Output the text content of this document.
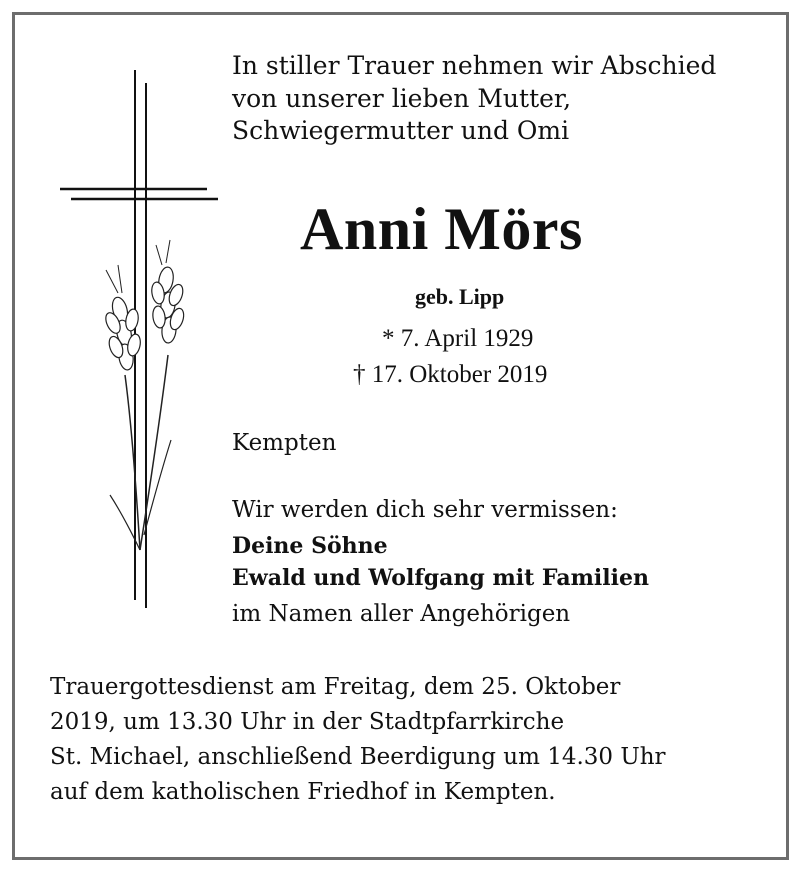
In stiller Trauer nehmen wir Abschied
von unserer lieben Mutter,
Schwiegermutter und Omi
Anni Mörs
geb. Lipp
* 7. April 1929
† 17. Oktober 2019
Kempten
Wir werden dich sehr vermissen:
Deine Söhne
Ewald und Wolfgang mit Familien
im Namen aller Angehörigen
Trauergottesdienst am Freitag, dem 25. Oktober
2019, um 13.30 Uhr in der Stadtpfarrkirche
St. Michael, anschließend Beerdigung um 14.30 Uhr
auf dem katholischen Friedhof in Kempten.
